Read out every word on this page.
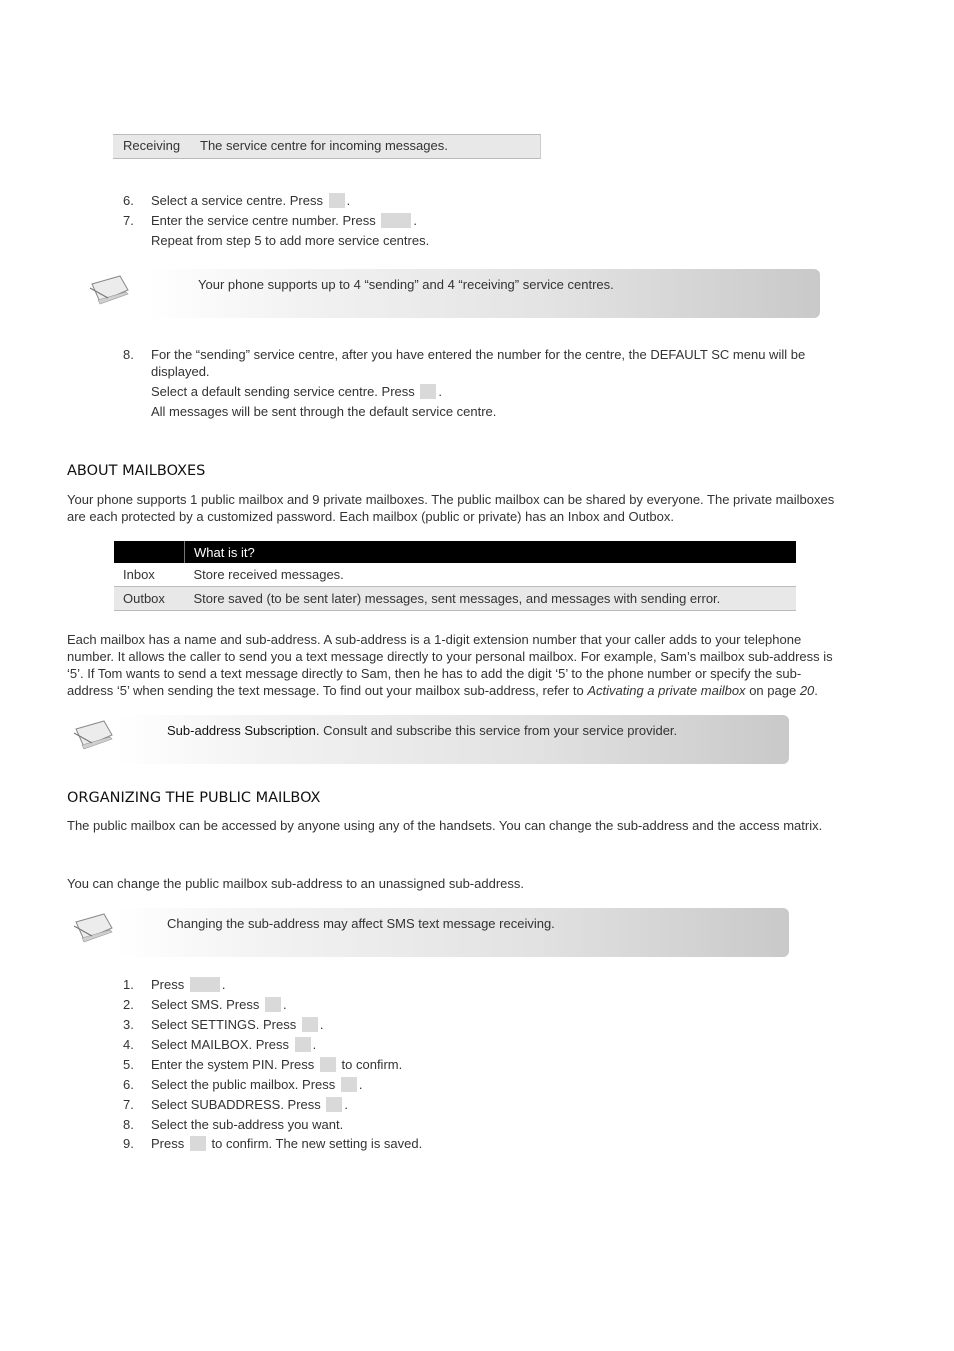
Receiving The service centre for incoming messages.
6. Select a service centre. Press .
7. Enter the service centre number. Press	.
Repeat from step 5 to add more service centres.
Your phone supports up to 4 “sending” and 4 “receiving” service centres.
8. For the “sending” service centre, after you have entered the number for the centre, the DEFAULT SC menu will be
displayed.
Select a default sending service centre. Press .
All messages will be sent through the default service centre.
ABOUT MAILBOXES
Your phone supports 1 public mailbox and 9 private mailboxes. The public mailbox can be shared by everyone. The private mailboxes
are each protected by a customized password. Each mailbox (public or private) has an Inbox and Outbox.
	What is it?
Inbox	Store received messages.
Outbox	Store saved (to be sent later) messages, sent messages, and messages with sending error.
Each mailbox has a name and sub-address. A sub-address is a 1-digit extension number that your caller adds to your telephone
number. It allows the caller to send you a text message directly to your personal mailbox. For example, Sam’s mailbox sub-address is
‘5’. If Tom wants to send a text message directly to Sam, then he has to add the digit ‘5’ to the phone number or specify the sub-
address ‘5’ when sending the text message. To find out your mailbox sub-address, refer to Activating a private mailbox on page 20.
Sub-address Subscription. Consult and subscribe this service from your service provider.
ORGANIZING THE PUBLIC MAILBOX
The public mailbox can be accessed by anyone using any of the handsets. You can change the sub-address and the access matrix.
You can change the public mailbox sub-address to an unassigned sub-address.
Changing the sub-address may affect SMS text message receiving.
1. Press	.
2. Select SMS. Press .
3. Select SETTINGS. Press .
4. Select MAILBOX. Press .
5. Enter the system PIN. Press to confirm.
6. Select the public mailbox. Press .
7. Select SUBADDRESS. Press .
8. Select the sub-address you want.
9. Press to confirm. The new setting is saved.
